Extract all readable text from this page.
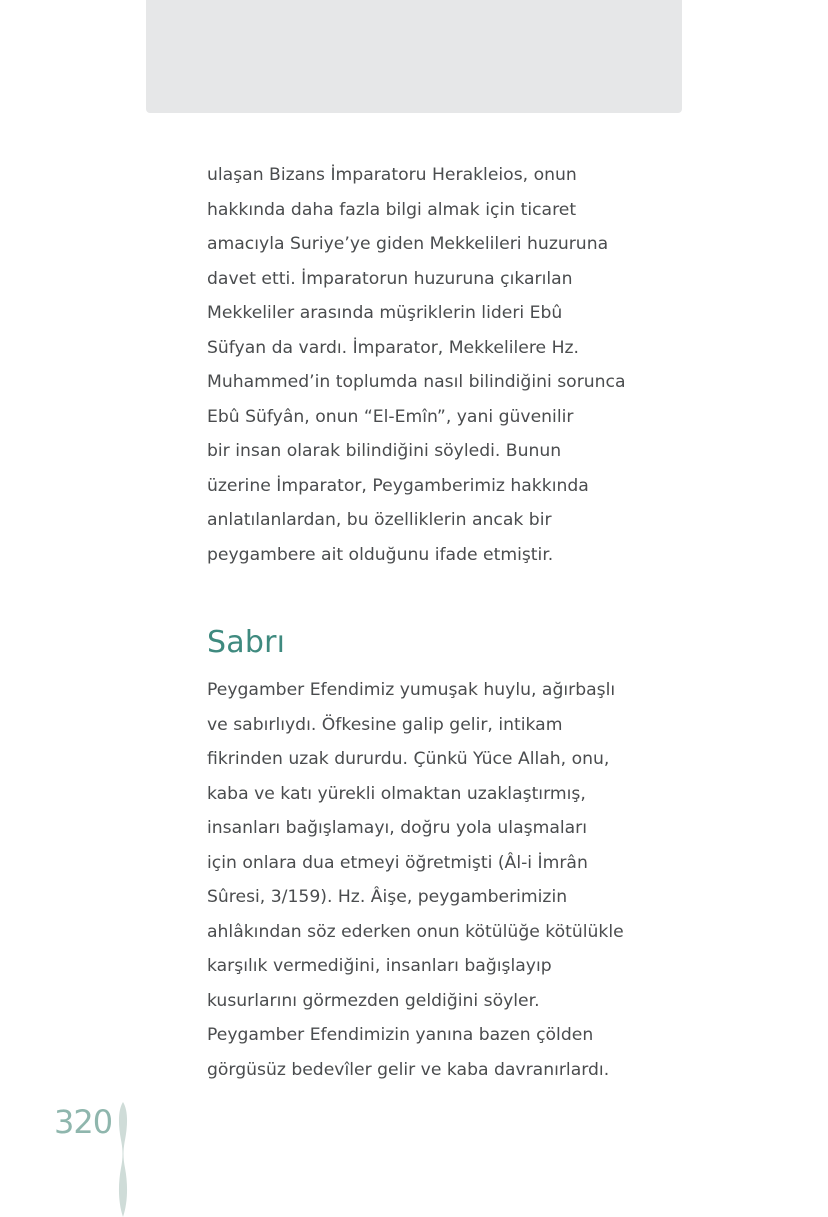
ulaşan Bizans İmparatoru Herakleios, onun
hakkında daha fazla bilgi almak için ticaret
amacıyla Suriye’ye giden Mekkelileri huzuruna
davet etti. İmparatorun huzuruna çıkarılan
Mekkeliler arasında müşriklerin lideri Ebû
Süfyan da vardı. İmparator, Mekkelilere Hz.
Muhammed’in toplumda nasıl bilindiğini sorunca
Ebû Süfyân, onun “El-Emîn”, yani güvenilir
bir insan olarak bilindiğini söyledi. Bunun
üzerine İmparator, Peygamberimiz hakkında
anlatılanlardan, bu özelliklerin ancak bir
peygambere ait olduğunu ifade etmiştir.

Sabrı

Peygamber Efendimiz yumuşak huylu, ağırbaşlı
ve sabırlıydı. Öfkesine galip gelir, intikam
fikrinden uzak dururdu. Çünkü Yüce Allah, onu,
kaba ve katı yürekli olmaktan uzaklaştırmış,
insanları bağışlamayı, doğru yola ulaşmaları
için onlara dua etmeyi öğretmişti (Âl-i İmrân
Sûresi, 3/159). Hz. Âişe, peygamberimizin
ahlâkından söz ederken onun kötülüğe kötülükle
karşılık vermediğini, insanları bağışlayıp
kusurlarını görmezden geldiğini söyler.
Peygamber Efendimizin yanına bazen çölden
görgüsüz bedevîler gelir ve kaba davranırlardı.

320
